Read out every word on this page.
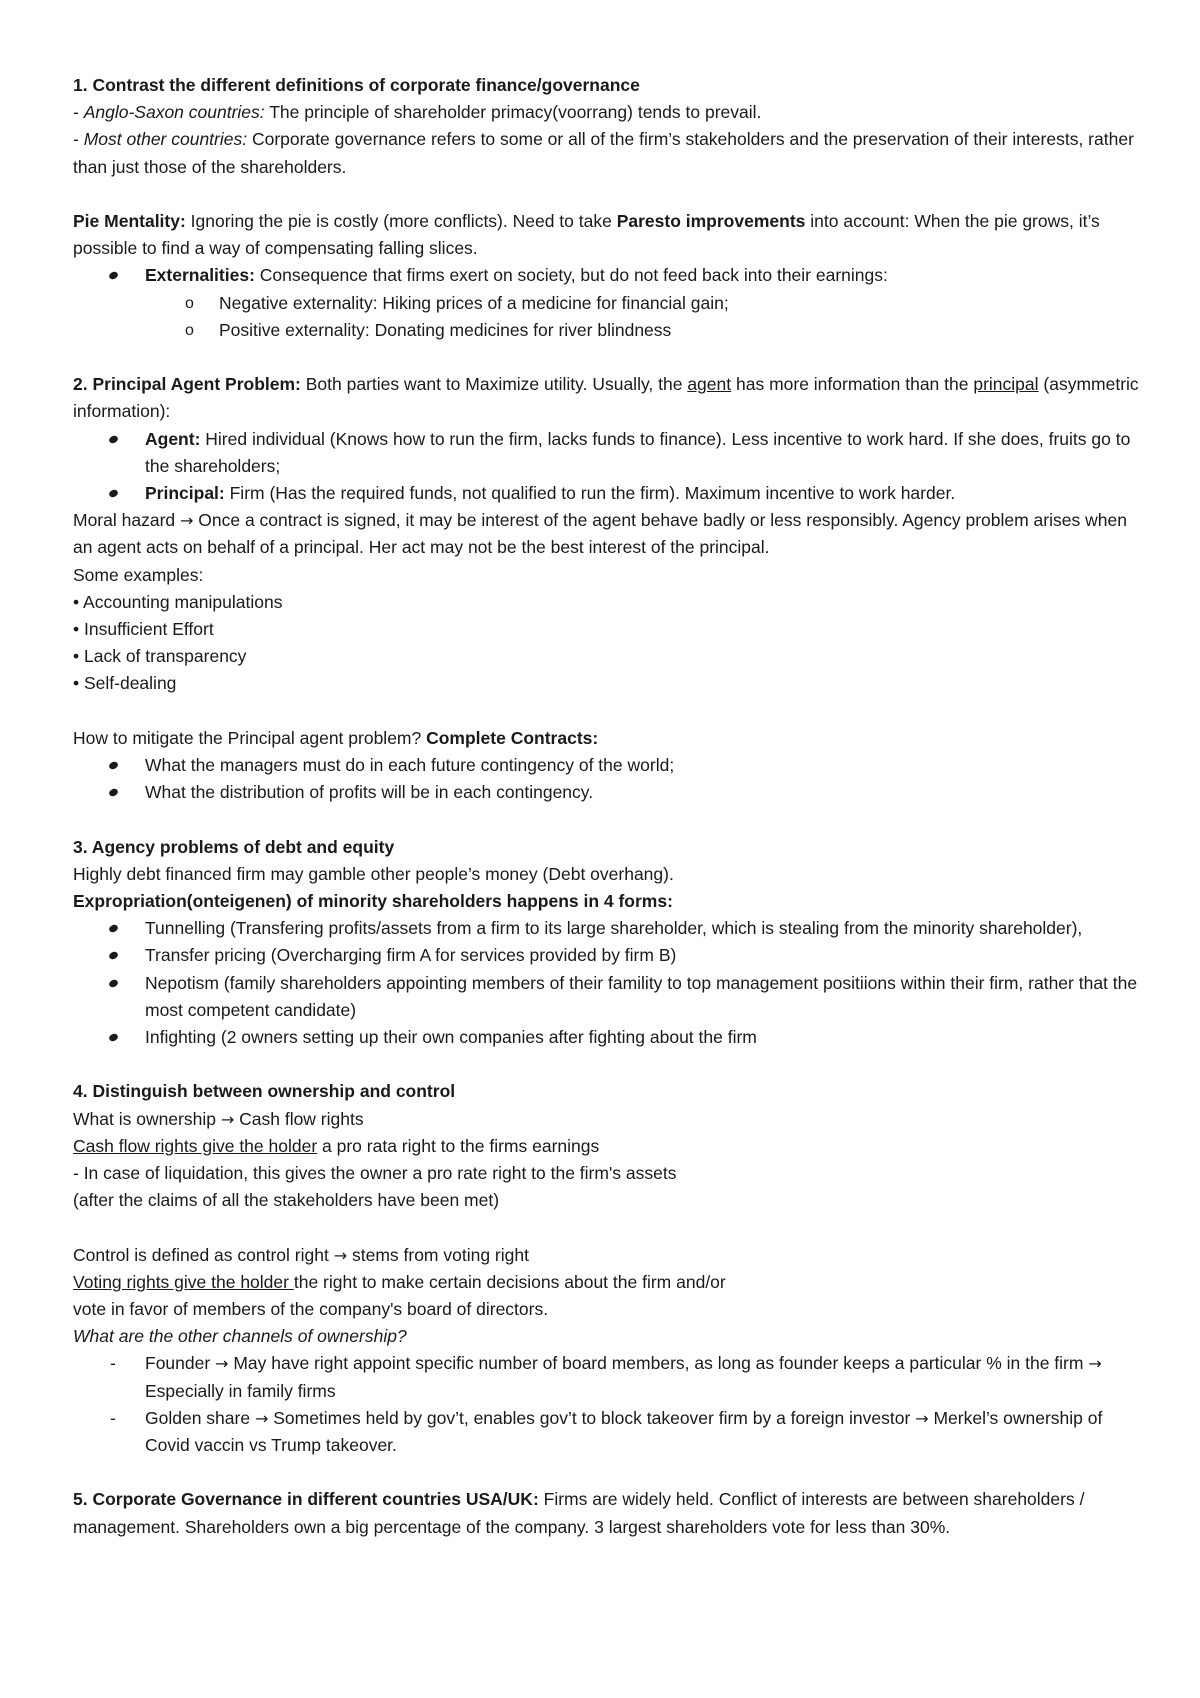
1. Contrast the different definitions of corporate finance/governance

- Anglo-Saxon countries: The principle of shareholder primacy(voorrang) tends to prevail.

- Most other countries: Corporate governance refers to some or all of the firm’s stakeholders and the preservation of their interests, rather than just those of the shareholders.

Pie Mentality: Ignoring the pie is costly (more conflicts). Need to take Paresto improvements into account: When the pie grows, it’s possible to find a way of compensating falling slices.

Externalities: Consequence that firms exert on society, but do not feed back into their earnings:
o Negative externality: Hiking prices of a medicine for financial gain;
o Positive externality: Donating medicines for river blindness

2. Principal Agent Problem: Both parties want to Maximize utility. Usually, the agent has more information than the principal (asymmetric information):

Agent: Hired individual (Knows how to run the firm, lacks funds to finance). Less incentive to work hard. If she does, fruits go to the shareholders;
Principal: Firm (Has the required funds, not qualified to run the firm). Maximum incentive to work harder.

Moral hazard → Once a contract is signed, it may be interest of the agent behave badly or less responsibly. Agency problem arises when an agent acts on behalf of a principal. Her act may not be the best interest of the principal.

Some examples:

• Accounting manipulations

• Insufficient Effort

• Lack of transparency

• Self-dealing

How to mitigate the Principal agent problem? Complete Contracts:

What the managers must do in each future contingency of the world;
What the distribution of profits will be in each contingency.

3. Agency problems of debt and equity

Highly debt financed firm may gamble other people’s money (Debt overhang).

Expropriation(onteigenen) of minority shareholders happens in 4 forms:

Tunnelling (Transfering profits/assets from a firm to its large shareholder, which is stealing from the minority shareholder),
Transfer pricing (Overcharging firm A for services provided by firm B)
Nepotism (family shareholders appointing members of their famility to top management positiions within their firm, rather that the most competent candidate)
Infighting (2 owners setting up their own companies after fighting about the firm

4. Distinguish between ownership and control

What is ownership → Cash flow rights

Cash flow rights give the holder a pro rata right to the firms earnings

- In case of liquidation, this gives the owner a pro rate right to the firm's assets

(after the claims of all the stakeholders have been met)

Control is defined as control right → stems from voting right

Voting rights give the holder the right to make certain decisions about the firm and/or

vote in favor of members of the company's board of directors.

What are the other channels of ownership?

- Founder → May have right appoint specific number of board members, as long as founder keeps a particular % in the firm → Especially in family firms
- Golden share → Sometimes held by gov’t, enables gov’t to block takeover firm by a foreign investor → Merkel’s ownership of Covid vaccin vs Trump takeover.

5. Corporate Governance in different countries USA/UK: Firms are widely held. Conflict of interests are between shareholders / management. Shareholders own a big percentage of the company. 3 largest shareholders vote for less than 30%.
